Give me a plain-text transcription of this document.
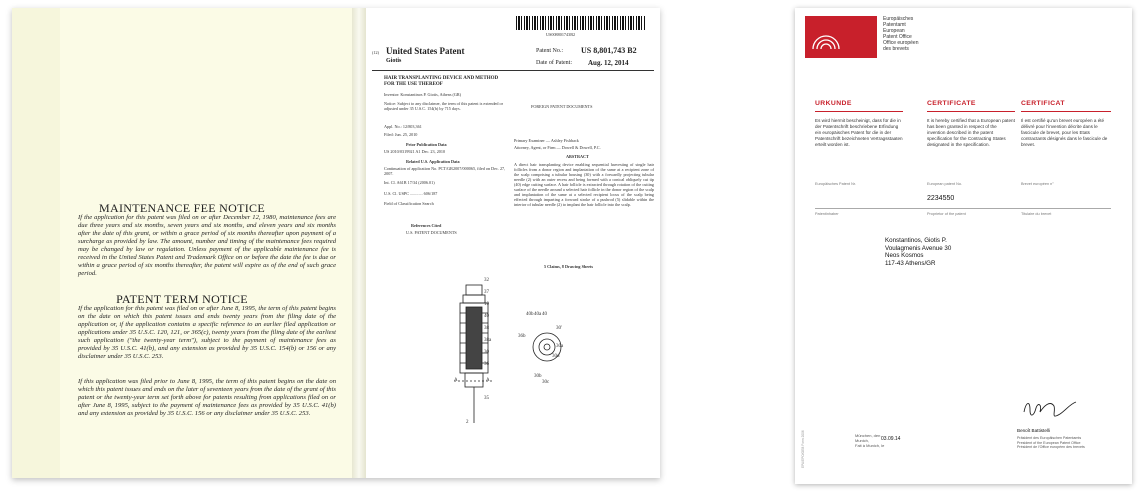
MAINTENANCE FEE NOTICE
If the application for this patent was filed on or after December 12, 1980, maintenance fees are due three years and six months, seven years and six months, and eleven years and six months after the date of this grant, or within a grace period of six months thereafter upon payment of a surcharge as provided by law. The amount, number and timing of the maintenance fees required may be changed by law or regulation. Unless payment of the applicable maintenance fee is received in the United States Patent and Trademark Office on or before the date the fee is due or within a grace period of six months thereafter, the patent will expire as of the end of such grace period.
PATENT TERM NOTICE
If the application for this patent was filed on or after June 8, 1995, the term of this patent begins on the date on which this patent issues and ends twenty years from the filing date of the application or, if the application contains a specific reference to an earlier filed application or applications under 35 U.S.C. 120, 121, or 365(c), twenty years from the filing date of the earliest such application ("the twenty-year term"), subject to the payment of maintenance fees as provided by 35 U.S.C. 41(b), and any extension as provided by 35 U.S.C. 154(b) or 156 or any disclaimer under 35 U.S.C. 253.
If this application was filed prior to June 8, 1995, the term of this patent begins on the date on which this patent issues and ends on the later of seventeen years from the date of the grant of this patent or the twenty-year term set forth above for patents resulting from applications filed on or after June 8, 1995, subject to the payment of maintenance fees as provided by 35 U.S.C. 41(b) and any extension as provided by 35 U.S.C. 156 or any disclaimer under 35 U.S.C. 253.
US008801743B2
(12) United States Patent
Giotis
Patent No.: US 8,801,743 B2
Date of Patent: Aug. 12, 2014
HAIR TRANSPLANTING DEVICE AND METHOD FOR THE USE THEREOF
Inventor: Konstantinos P. Giotis, Athens (GR)
Notice: Subject to any disclaimer, the term of this patent is extended or adjusted under 35 U.S.C. 154(b) by 715 days.
Appl. No.: 12/803,361
Filed: Jun. 25, 2010
Prior Publication Data
US 2010/0319921 A1 Dec. 23, 2010
Related U.S. Application Data
Continuation of application No. PCT/GR2007/000065, filed on Dec. 27, 2007.
Int. Cl. A61B 17/34 (2006.01)
U.S. Cl. USPC ............ 606/187
Field of Classification Search
References Cited
U.S. PATENT DOCUMENTS
FOREIGN PATENT DOCUMENTS
Primary Examiner — Ashley Fishback
Attorney, Agent, or Firm — Dowell & Dowell, P.C.
ABSTRACT
A direct hair transplanting device enabling sequential harvesting of single hair follicles from a donor region and implantation of the same at a recipient zone of the scalp comprising a tubular housing (30) with a forwardly projecting tubular needle (2) with an outer recess and being formed with a conical obliquely cut tip (40) edge cutting surface. A hair follicle is extracted through rotation of the cutting surface of the needle around a selected hair follicle in the donor region of the scalp and implantation of the same at a selected recipient locus of the scalp being effected through imparting a forward stroke of a pushrod (5) slidable within the interior of tubular needle (2) to implant the hair follicle into the scalp.
5 Claims, 8 Drawing Sheets
32
37
10
40
38
38a
30
36
35
A	A
2
40b 40a 40
30'
36b
30b
30d
30a
30c
Europäisches
Patentamt
European
Patent Office
Office européen
des brevets
URKUNDE	CERTIFICATE	CERTIFICAT
Es wird hiermit bescheinigt, dass für die in der Patentschrift beschriebene Erfindung ein europäisches Patent für die in der Patentschrift bezeichneten Vertragsstaaten erteilt worden ist.
It is hereby certified that a European patent has been granted in respect of the invention described in the patent specification for the Contracting States designated in the specification.
Il est certifié qu'un brevet européen a été délivré pour l'invention décrite dans le fascicule de brevet, pour les Etats contractants désignés dans le fascicule de brevet.
Europäisches Patent Nr.	European patent No.	Brevet européen n°
2234550
Patentinhaber	Proprietor of the patent	Titulaire du brevet
Konstantinos, Giotis P.
Voulagmenis Avenue 30
Neos Kosmos
117-43 Athens/GR
EPA/EPO/OEB Form 2006	München, den
Munich,
Fait à Munich, le
03.09.14
Benoît Battistelli
Präsident des Europäischen Patentamts
President of the European Patent Office
Président de l'Office européen des brevets
